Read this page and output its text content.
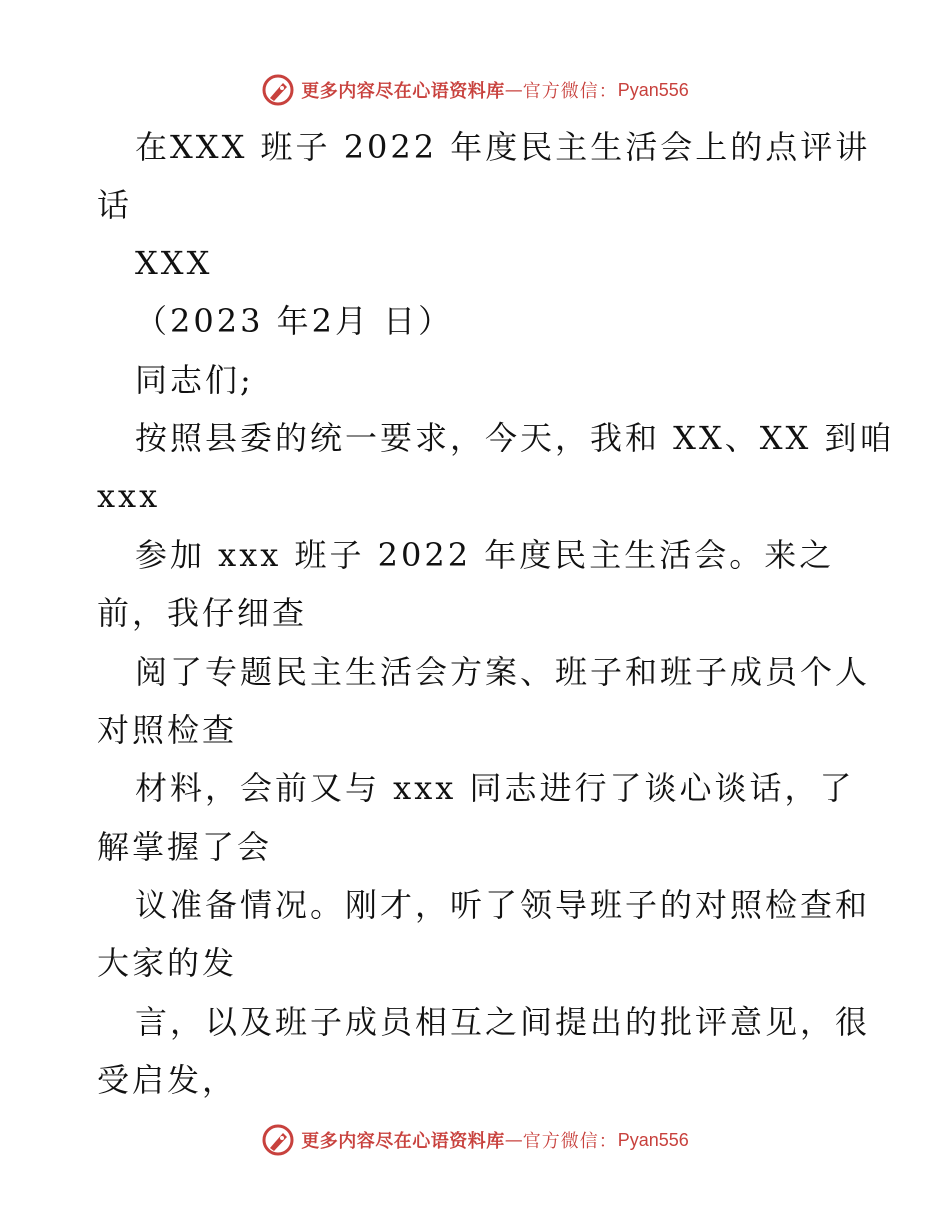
更多内容尽在心语资料库 — 官方微信： Pyan556
在XXX 班子 2022 年度民主生活会上的点评讲
话
XXX
（2023 年2月 日）
同志们;
按照县委的统一要求，今天，我和 XX、XX 到咱
xxx
参加 xxx 班子 2022 年度民主生活会。来之
前，我仔细查
阅了专题民主生活会方案、班子和班子成员个人
对照检查
材料，会前又与 xxx 同志进行了谈心谈话，了
解掌握了会
议准备情况。刚才，听了领导班子的对照检查和
大家的发
言，以及班子成员相互之间提出的批评意见，很
受启发，
更多内容尽在心语资料库 — 官方微信： Pyan556
